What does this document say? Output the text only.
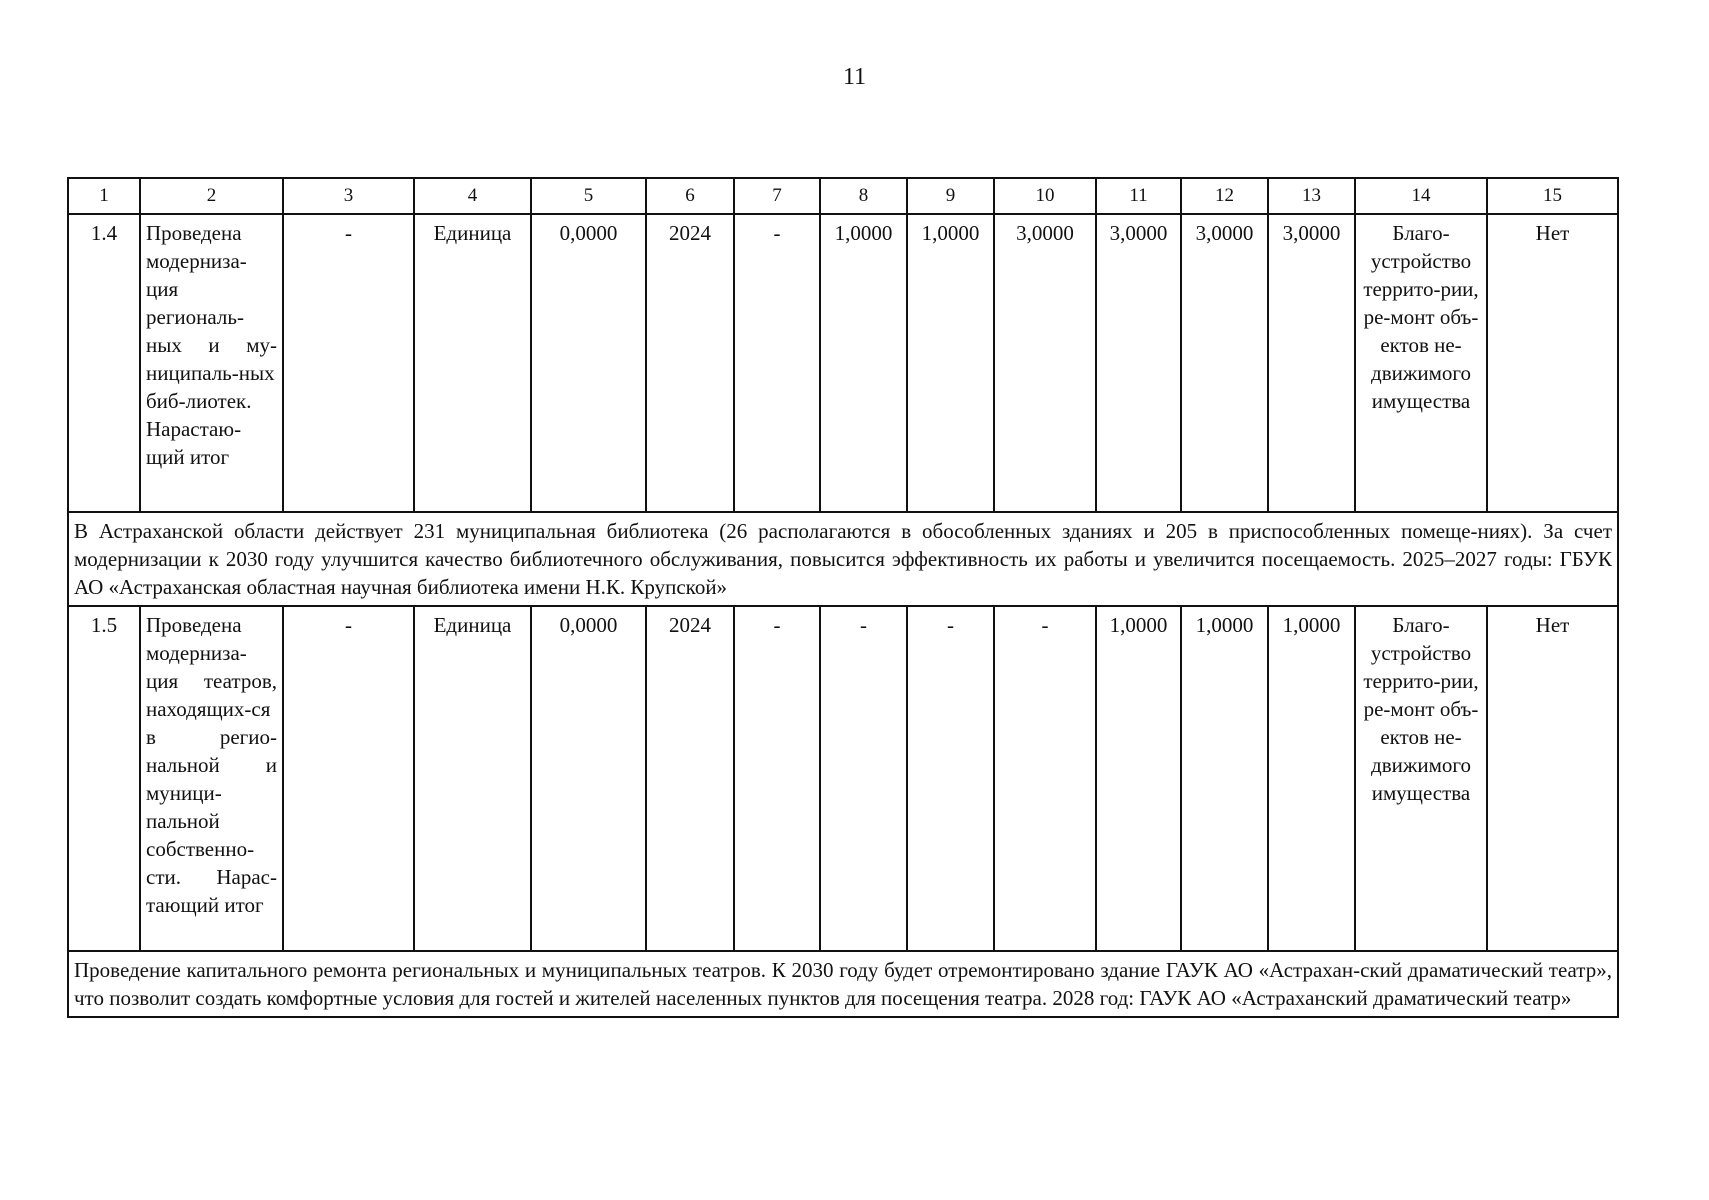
11
1	2	3	4	5	6	7	8	9	10	11	12	13	14	15
1.4	Проведена модерниза-ция региональ-ных и му-ниципаль-ных биб-лиотек. Нарастаю-щий итог	-	Единица	0,0000	2024	-	1,0000	1,0000	3,0000	3,0000	3,0000	3,0000	Благо-устройство террито-рии, ре-монт объ-ектов не-движимого имущества	Нет
В Астраханской области действует 231 муниципальная библиотека (26 располагаются в обособленных зданиях и 205 в приспособленных помеще-ниях). За счет модернизации к 2030 году улучшится качество библиотечного обслуживания, повысится эффективность их работы и увеличится посещаемость. 2025–2027 годы: ГБУК АО «Астраханская областная научная библиотека имени Н.К. Крупской»														
1.5	Проведена модерниза-ция театров, находящих-ся в регио-нальной и муници-пальной собственно-сти. Нарас-тающий итог	-	Единица	0,0000	2024	-	-	-	-	1,0000	1,0000	1,0000	Благо-устройство террито-рии, ре-монт объ-ектов не-движимого имущества	Нет
Проведение капитального ремонта региональных и муниципальных театров. К 2030 году будет отремонтировано здание ГАУК АО «Астрахан-ский драматический театр», что позволит создать комфортные условия для гостей и жителей населенных пунктов для посещения театра. 2028 год: ГАУК АО «Астраханский драматический театр»														
